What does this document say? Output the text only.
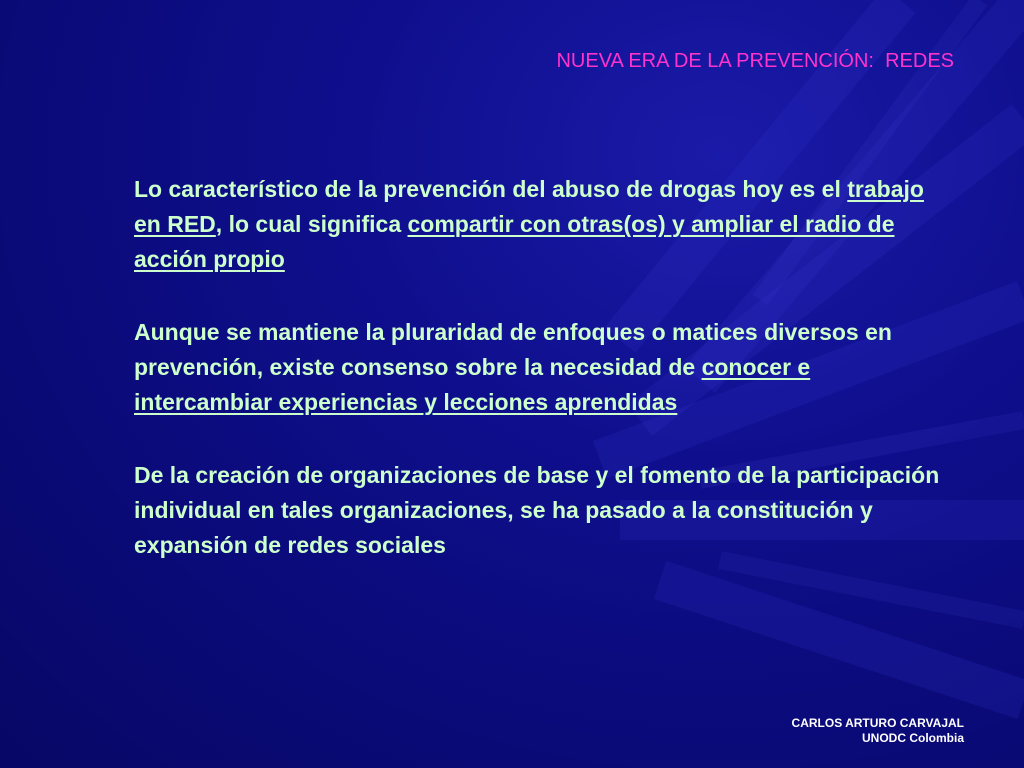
NUEVA ERA DE LA PREVENCIÓN:  REDES

Lo característico de la prevención del abuso de drogas hoy es el trabajo en RED, lo cual significa compartir con otras(os) y ampliar el radio de acción propio

Aunque se mantiene la pluraridad de enfoques o matices diversos en prevención, existe consenso sobre la necesidad de conocer e intercambiar experiencias y lecciones aprendidas

De la creación de organizaciones de base y el fomento de la participación individual en tales organizaciones, se ha pasado a la constitución y expansión de redes sociales

CARLOS ARTURO CARVAJAL
UNODC Colombia
